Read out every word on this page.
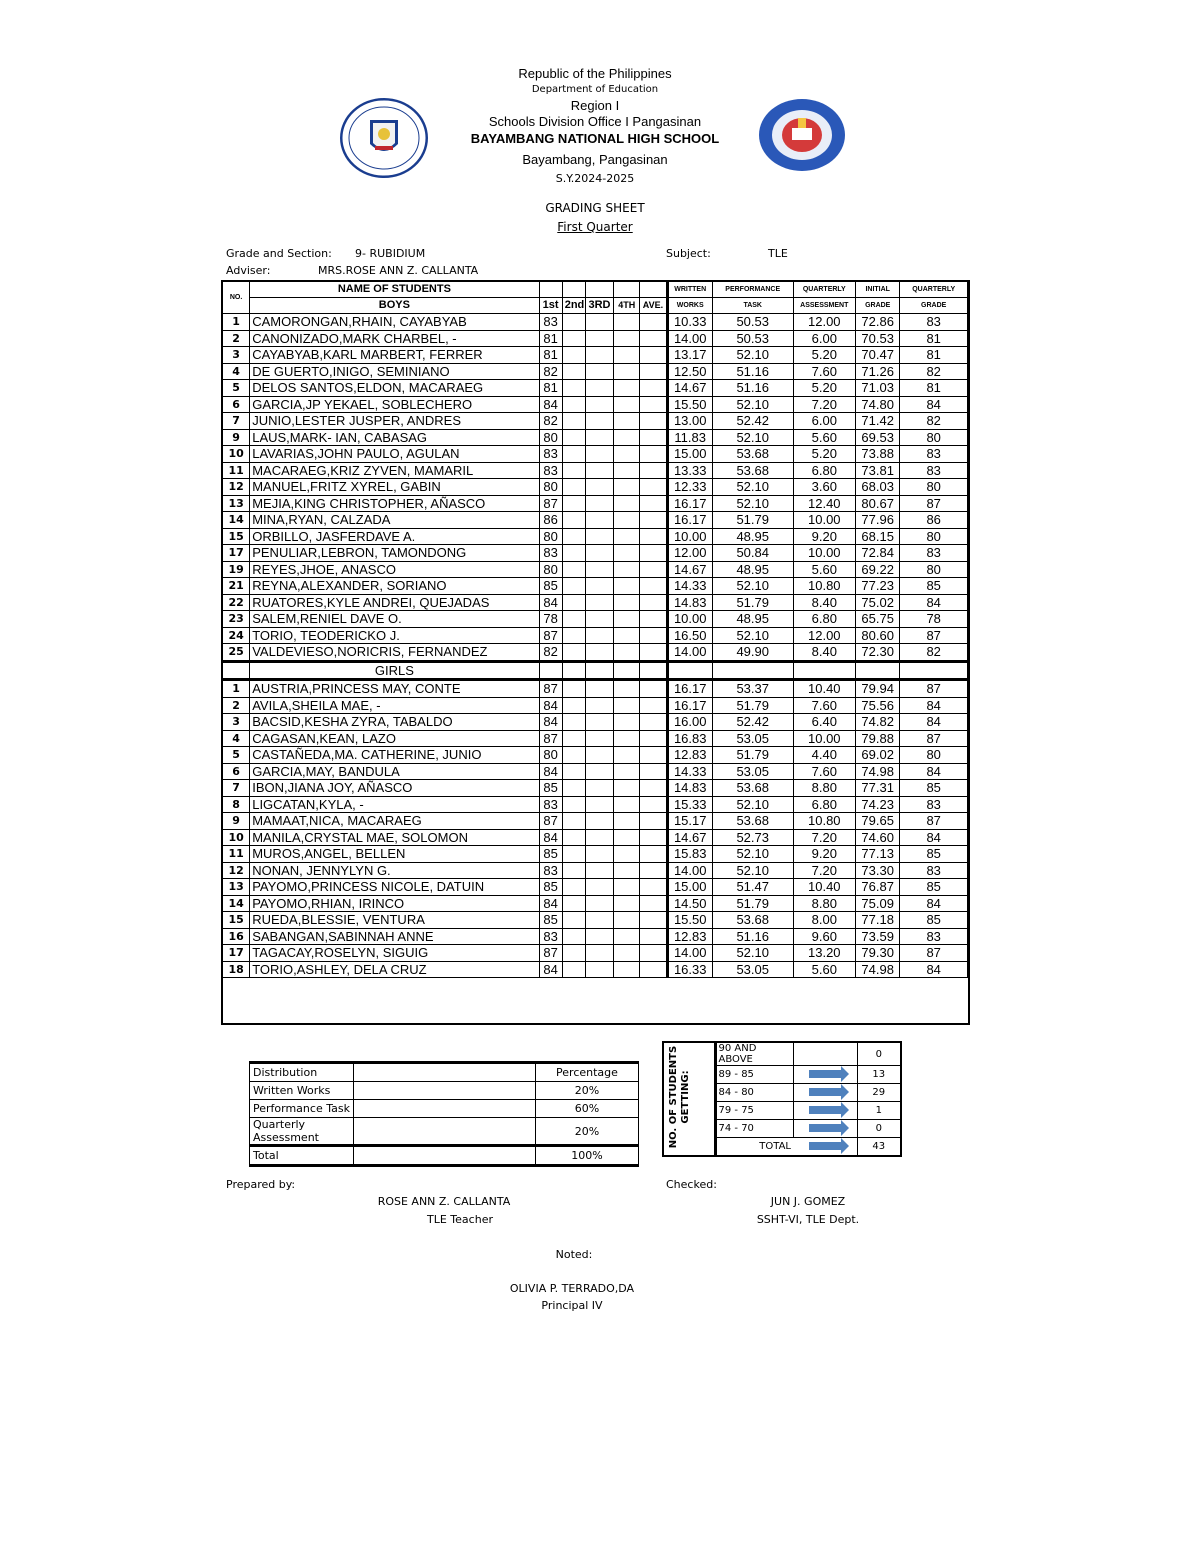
Republic of the Philippines
Department of Education
Region I
Schools Division Office I Pangasinan
BAYAMBANG NATIONAL HIGH SCHOOL
Bayambang, Pangasinan
S.Y.2024-2025
GRADING SHEET
First Quarter
Grade and Section: 9- RUBIDIUM	Subject:	TLE
Adviser:	MRS.ROSE ANN Z. CALLANTA
NO.	NAME OF STUDENTS						WRITTEN	PERFORMANCE	QUARTERLY	INITIAL	QUARTERLY
	BOYS	1st	2nd	3RD	4TH	AVE.	WORKS	TASK	ASSESSMENT	GRADE	GRADE
1	CAMORONGAN,RHAIN, CAYABYAB	83					10.33	50.53	12.00	72.86	83
2	CANONIZADO,MARK CHARBEL, -	81					14.00	50.53	6.00	70.53	81
3	CAYABYAB,KARL MARBERT, FERRER	81					13.17	52.10	5.20	70.47	81
4	DE GUERTO,INIGO, SEMINIANO	82					12.50	51.16	7.60	71.26	82
5	DELOS SANTOS,ELDON, MACARAEG	81					14.67	51.16	5.20	71.03	81
6	GARCIA,JP YEKAEL, SOBLECHERO	84					15.50	52.10	7.20	74.80	84
7	JUNIO,LESTER JUSPER, ANDRES	82					13.00	52.42	6.00	71.42	82
9	LAUS,MARK- IAN, CABASAG	80					11.83	52.10	5.60	69.53	80
10	LAVARIAS,JOHN PAULO, AGULAN	83					15.00	53.68	5.20	73.88	83
11	MACARAEG,KRIZ ZYVEN, MAMARIL	83					13.33	53.68	6.80	73.81	83
12	MANUEL,FRITZ XYREL, GABIN	80					12.33	52.10	3.60	68.03	80
13	MEJIA,KING CHRISTOPHER, AÑASCO	87					16.17	52.10	12.40	80.67	87
14	MINA,RYAN, CALZADA	86					16.17	51.79	10.00	77.96	86
15	ORBILLO, JASFERDAVE A.	80					10.00	48.95	9.20	68.15	80
17	PENULIAR,LEBRON, TAMONDONG	83					12.00	50.84	10.00	72.84	83
19	REYES,JHOE, ANASCO	80					14.67	48.95	5.60	69.22	80
21	REYNA,ALEXANDER, SORIANO	85					14.33	52.10	10.80	77.23	85
22	RUATORES,KYLE ANDREI, QUEJADAS	84					14.83	51.79	8.40	75.02	84
23	SALEM,RENIEL DAVE O.	78					10.00	48.95	6.80	65.75	78
24	TORIO, TEODERICKO J.	87					16.50	52.10	12.00	80.60	87
25	VALDEVIESO,NORICRIS, FERNANDEZ	82					14.00	49.90	8.40	72.30	82
	GIRLS										
1	AUSTRIA,PRINCESS MAY, CONTE	87					16.17	53.37	10.40	79.94	87
2	AVILA,SHEILA MAE, -	84					16.17	51.79	7.60	75.56	84
3	BACSID,KESHA ZYRA, TABALDO	84					16.00	52.42	6.40	74.82	84
4	CAGASAN,KEAN, LAZO	87					16.83	53.05	10.00	79.88	87
5	CASTAÑEDA,MA. CATHERINE, JUNIO	80					12.83	51.79	4.40	69.02	80
6	GARCIA,MAY, BANDULA	84					14.33	53.05	7.60	74.98	84
7	IBON,JIANA JOY, AÑASCO	85					14.83	53.68	8.80	77.31	85
8	LIGCATAN,KYLA, -	83					15.33	52.10	6.80	74.23	83
9	MAMAAT,NICA, MACARAEG	87					15.17	53.68	10.80	79.65	87
10	MANILA,CRYSTAL MAE, SOLOMON	84					14.67	52.73	7.20	74.60	84
11	MUROS,ANGEL, BELLEN	85					15.83	52.10	9.20	77.13	85
12	NONAN, JENNYLYN G.	83					14.00	52.10	7.20	73.30	83
13	PAYOMO,PRINCESS NICOLE, DATUIN	85					15.00	51.47	10.40	76.87	85
14	PAYOMO,RHIAN, IRINCO	84					14.50	51.79	8.80	75.09	84
15	RUEDA,BLESSIE, VENTURA	85					15.50	53.68	8.00	77.18	85
16	SABANGAN,SABINNAH ANNE	83					12.83	51.16	9.60	73.59	83
17	TAGACAY,ROSELYN, SIGUIG	87					14.00	52.10	13.20	79.30	87
18	TORIO,ASHLEY, DELA CRUZ	84					16.33	53.05	5.60	74.98	84
Distribution		Percentage
Written Works		20%
Performance Task		60%
Quarterly Assessment		20%
Total		100%
	90 AND ABOVE		0
	89 - 85		13
	84 - 80		29
	79 - 75		1
	74 - 70		0
	TOTAL		43
NO. OF STUDENTS GETTING:
Prepared by:
ROSE ANN Z. CALLANTA
TLE Teacher
Checked:
JUN J. GOMEZ
SSHT-VI, TLE Dept.
Noted:
OLIVIA P. TERRADO,DA
Principal IV
